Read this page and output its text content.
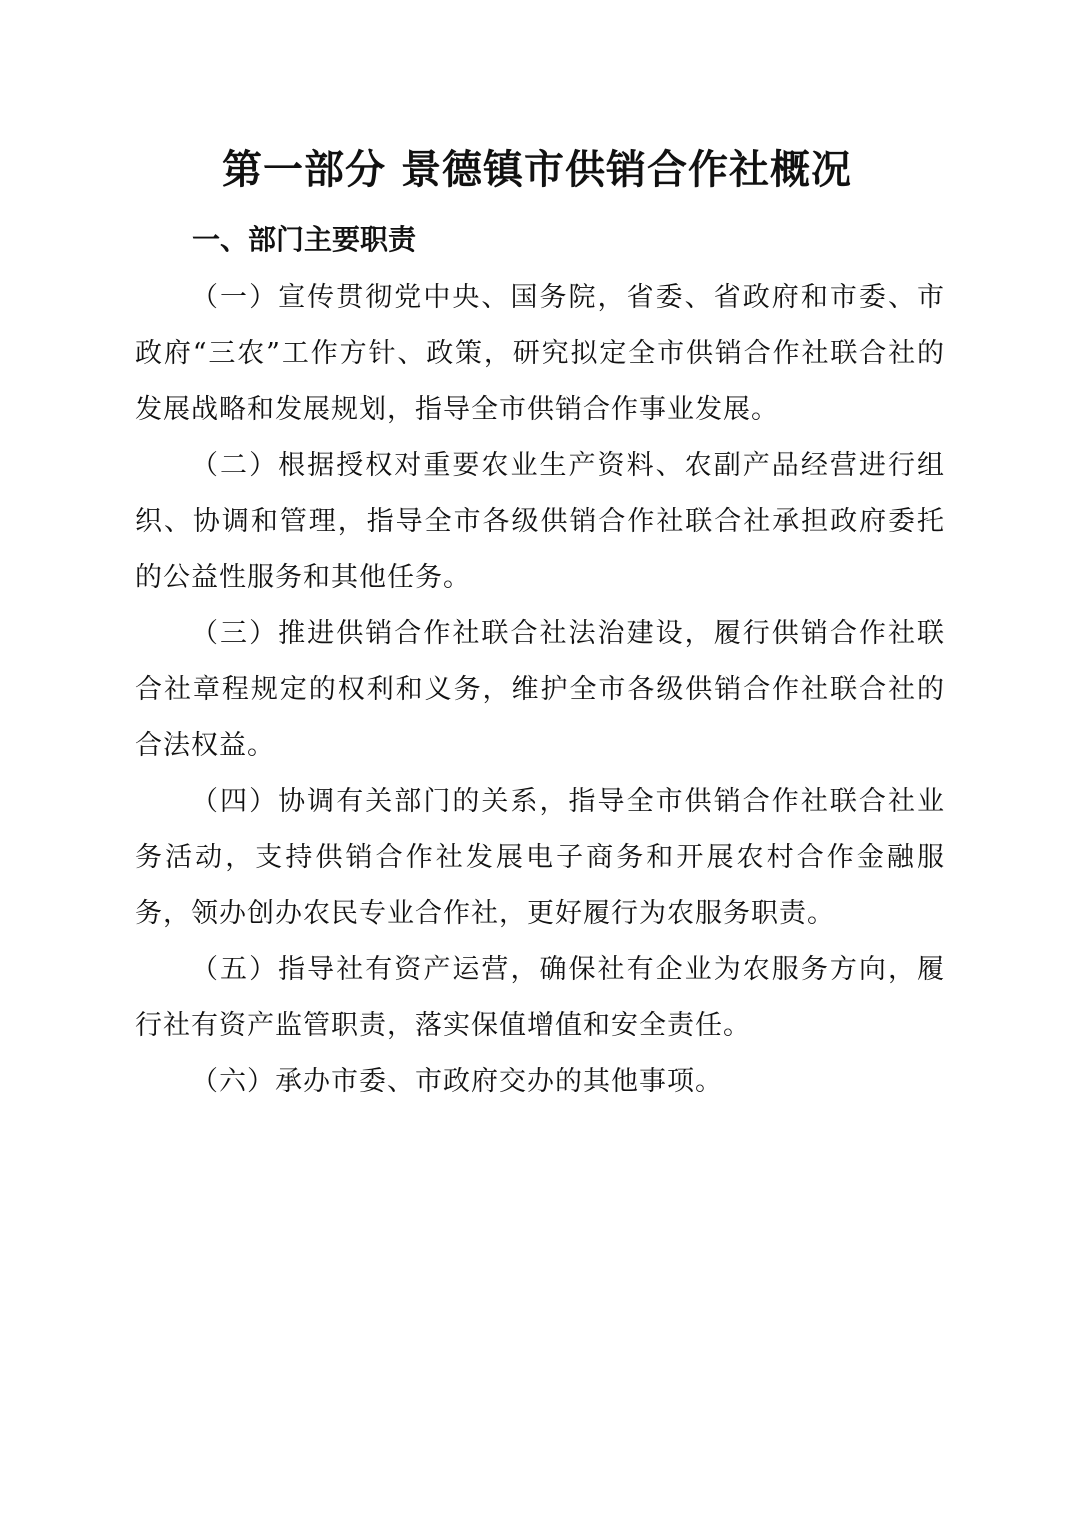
第一部分 景德镇市供销合作社概况
一、部门主要职责

（一）宣传贯彻党中央、国务院，省委、省政府和市委、市政府“三农”工作方针、政策，研究拟定全市供销合作社联合社的发展战略和发展规划，指导全市供销合作事业发展。

（二）根据授权对重要农业生产资料、农副产品经营进行组织、协调和管理，指导全市各级供销合作社联合社承担政府委托的公益性服务和其他任务。

（三）推进供销合作社联合社法治建设，履行供销合作社联合社章程规定的权利和义务，维护全市各级供销合作社联合社的合法权益。

（四）协调有关部门的关系，指导全市供销合作社联合社业务活动，支持供销合作社发展电子商务和开展农村合作金融服务，领办创办农民专业合作社，更好履行为农服务职责。

（五）指导社有资产运营，确保社有企业为农服务方向，履行社有资产监管职责，落实保值增值和安全责任。

（六）承办市委、市政府交办的其他事项。
